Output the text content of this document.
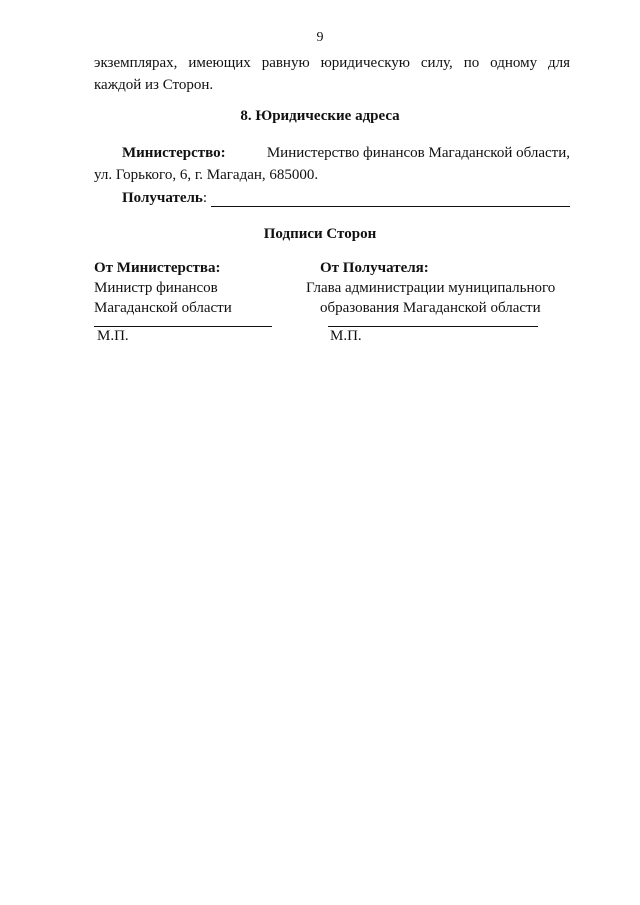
9
экземплярах, имеющих равную юридическую силу, по одному для каждой из Сторон.
8. Юридические адреса
Министерство:	Министерство финансов Магаданской области,
ул. Горького, 6, г. Магадан, 685000.
Получатель :
Подписи Сторон
От Министерства:
Министр финансов
Магаданской области
От Получателя:
Глава администрации муниципального
образования Магаданской области
М.П.	М.П.
